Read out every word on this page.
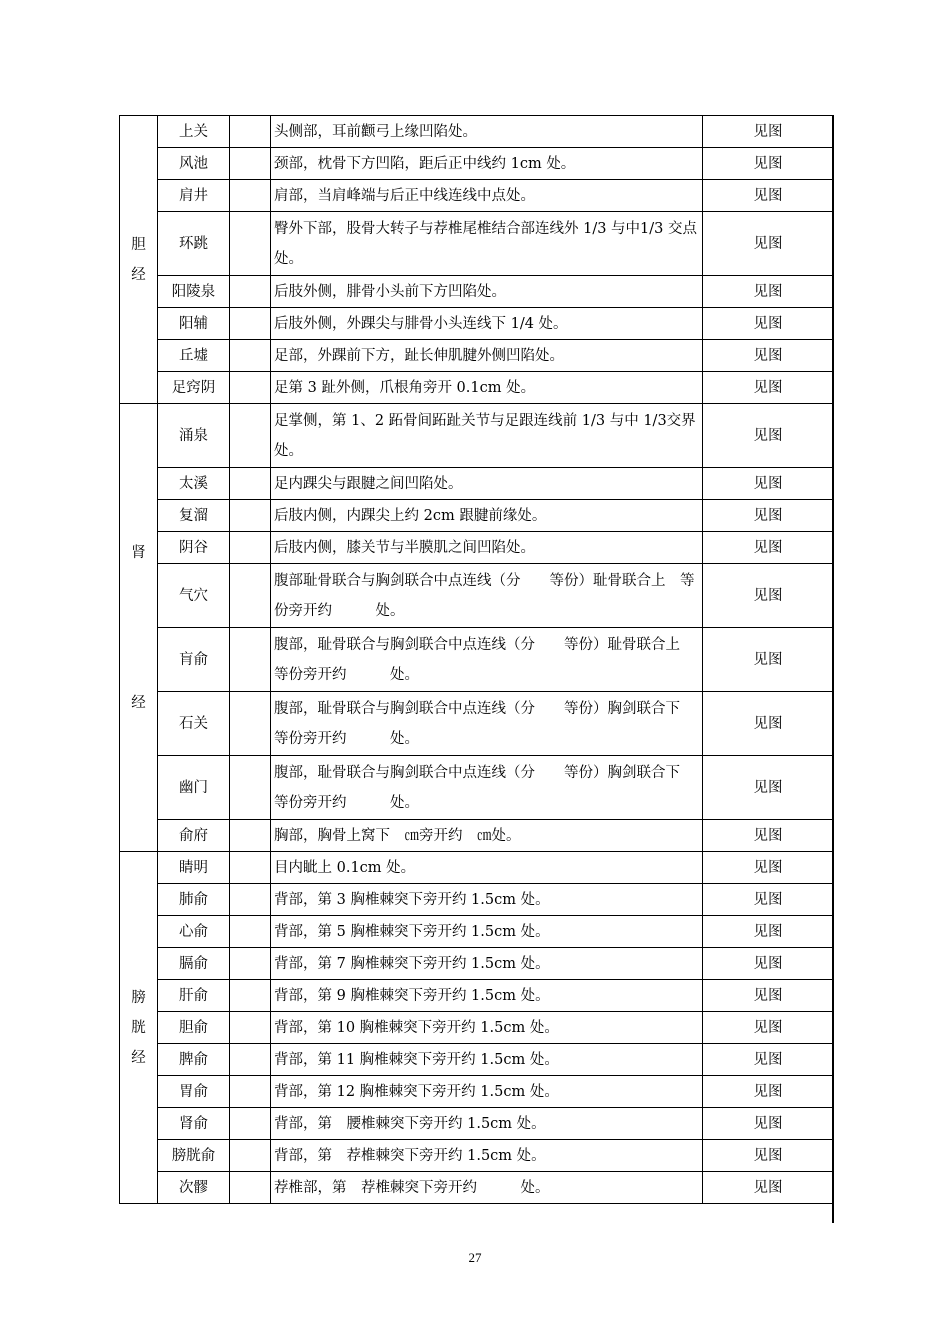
胆
经	上关		头侧部，耳前颧弓上缘凹陷处。	见图
	风池		颈部，枕骨下方凹陷，距后正中线约 1cm 处。	见图
	肩井		肩部，当肩峰端与后正中线连线中点处。	见图
	环跳		臀外下部，股骨大转子与荐椎尾椎结合部连线外 1/3 与中1/3 交点处。	见图
	阳陵泉		后肢外侧，腓骨小头前下方凹陷处。	见图
	阳辅		后肢外侧，外踝尖与腓骨小头连线下 1/4 处。	见图
	丘墟		足部，外踝前下方，趾长伸肌腱外侧凹陷处。	见图
	足窍阴		足第 3 趾外侧，爪根角旁开 0.1cm 处。	见图

肾

经	涌泉		足掌侧，第 1、2 跖骨间跖趾关节与足跟连线前 1/3 与中 1/3交界处。	见图
	太溪		足内踝尖与跟腱之间凹陷处。	见图
	复溜		后肢内侧，内踝尖上约 2cm 跟腱前缘处。	见图
	阴谷		后肢内侧，膝关节与半膜肌之间凹陷处。	见图
	气穴		腹部耻骨联合与胸剑联合中点连线（分　　等份）耻骨联合上　等份旁开约　　　处。	见图
	肓俞		腹部，耻骨联合与胸剑联合中点连线（分　　等份）耻骨联合上　等份旁开约　　　处。	见图
	石关		腹部，耻骨联合与胸剑联合中点连线（分　　等份）胸剑联合下　等份旁开约　　　处。	见图
	幽门		腹部，耻骨联合与胸剑联合中点连线（分　　等份）胸剑联合下　等份旁开约　　　处。	见图
	俞府		胸部，胸骨上窝下　㎝旁开约　㎝处。	见图

膀
胱
经	睛明		目内眦上 0.1cm 处。	见图
	肺俞		背部，第 3 胸椎棘突下旁开约 1.5cm 处。	见图
	心俞		背部，第 5 胸椎棘突下旁开约 1.5cm 处。	见图
	膈俞		背部，第 7 胸椎棘突下旁开约 1.5cm 处。	见图
	肝俞		背部，第 9 胸椎棘突下旁开约 1.5cm 处。	见图
	胆俞		背部，第 10 胸椎棘突下旁开约 1.5cm 处。	见图
	脾俞		背部，第 11 胸椎棘突下旁开约 1.5cm 处。	见图
	胃俞		背部，第 12 胸椎棘突下旁开约 1.5cm 处。	见图
	肾俞		背部，第　腰椎棘突下旁开约 1.5cm 处。	见图
	膀胱俞		背部，第　荐椎棘突下旁开约 1.5cm 处。	见图
	次髎		荐椎部，第　荐椎棘突下旁开约　　　处。	见图
27
